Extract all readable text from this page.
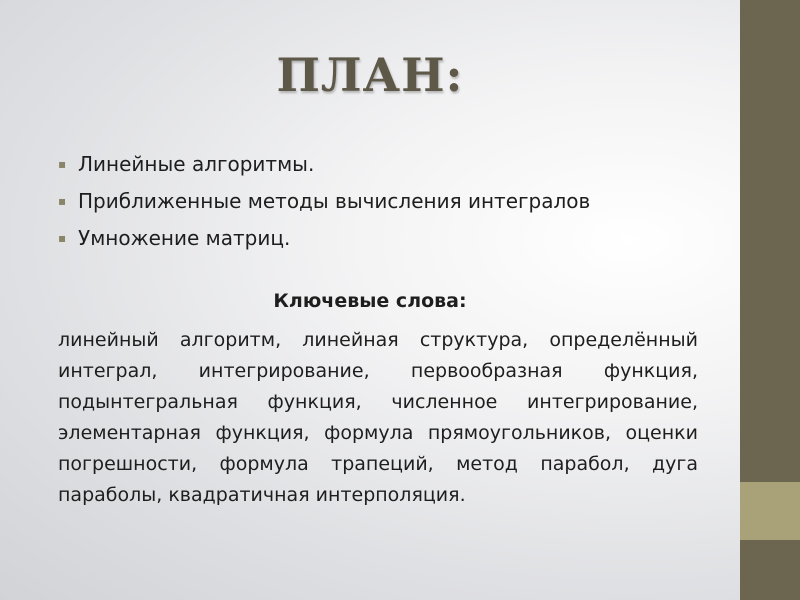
ПЛАН:
▪ Линейные алгоритмы.
▪ Приближенные методы вычисления интегралов
▪ Умножение матриц.
Ключевые слова:

линейный алгоритм, линейная структура, определённый интеграл, интегрирование, первообразная функция, подынтегральная функция, численное интегрирование, элементарная функция, формула прямоугольников, оценки погрешности, формула трапеций, метод парабол, дуга параболы, квадратичная интерполяция.
